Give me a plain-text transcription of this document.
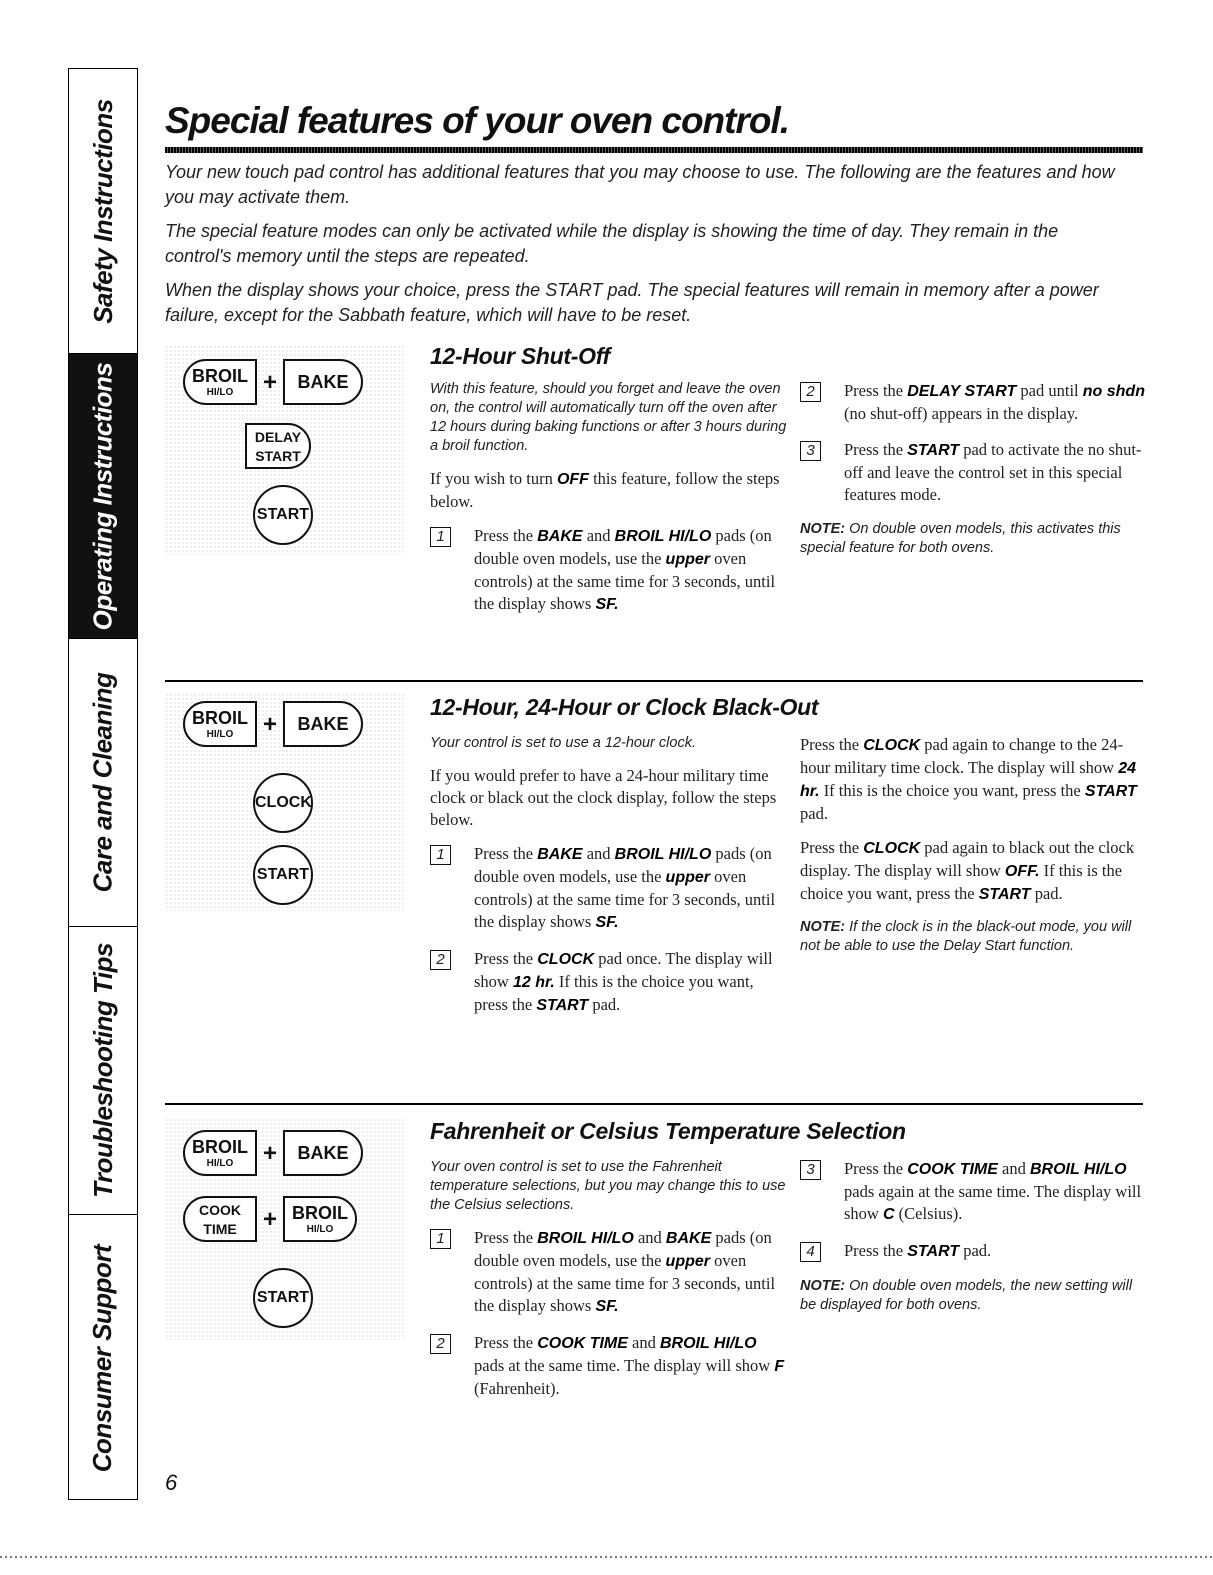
Safety Instructions
Operating Instructions
Care and Cleaning
Troubleshooting Tips
Consumer Support
Special features of your oven control.

Your new touch pad control has additional features that you may choose to use. The following are the features and how you may activate them.

The special feature modes can only be activated while the display is showing the time of day. They remain in the control's memory until the steps are repeated.

When the display shows your choice, press the START pad. The special features will remain in memory after a power failure, except for the Sabbath feature, which will have to be reset.

BROIL
HI/LO	+	BAKE
DELAY
START
START
12-Hour Shut-Off

With this feature, should you forget and leave the oven on, the control will automatically turn off the oven after 12 hours during baking functions or after 3 hours during a broil function.

If you wish to turn OFF this feature, follow the steps below.

1	Press the BAKE and BROIL HI/LO pads (on double oven models, use the upper oven controls) at the same time for 3 seconds, until the display shows SF.
2	Press the DELAY START pad until no shdn (no shut-off) appears in the display.
3	Press the START pad to activate the no shut-off and leave the control set in this special features mode.

NOTE: On double oven models, this activates this special feature for both ovens.

BROIL
HI/LO	+	BAKE
CLOCK
START
12-Hour, 24-Hour or Clock Black-Out

Your control is set to use a 12-hour clock.

If you would prefer to have a 24-hour military time clock or black out the clock display, follow the steps below.

1	Press the BAKE and BROIL HI/LO pads (on double oven models, use the upper oven controls) at the same time for 3 seconds, until the display shows SF.
2	Press the CLOCK pad once. The display will show 12 hr. If this is the choice you want, press the START pad.

Press the CLOCK pad again to change to the 24-hour military time clock. The display will show 24 hr. If this is the choice you want, press the START pad.

Press the CLOCK pad again to black out the clock display. The display will show OFF. If this is the choice you want, press the START pad.

NOTE: If the clock is in the black-out mode, you will not be able to use the Delay Start function.

BROIL
HI/LO	+	BAKE
COOK
TIME	+ BROIL
HI/LO
START
Fahrenheit or Celsius Temperature Selection

Your oven control is set to use the Fahrenheit temperature selections, but you may change this to use the Celsius selections.

1	Press the BROIL HI/LO and BAKE pads (on double oven models, use the upper oven controls) at the same time for 3 seconds, until the display shows SF.
2	Press the COOK TIME and BROIL HI/LO pads at the same time. The display will show F (Fahrenheit).
3	Press the COOK TIME and BROIL HI/LO pads again at the same time. The display will show C (Celsius).
4	Press the START pad.

NOTE: On double oven models, the new setting will be displayed for both ovens.

6
